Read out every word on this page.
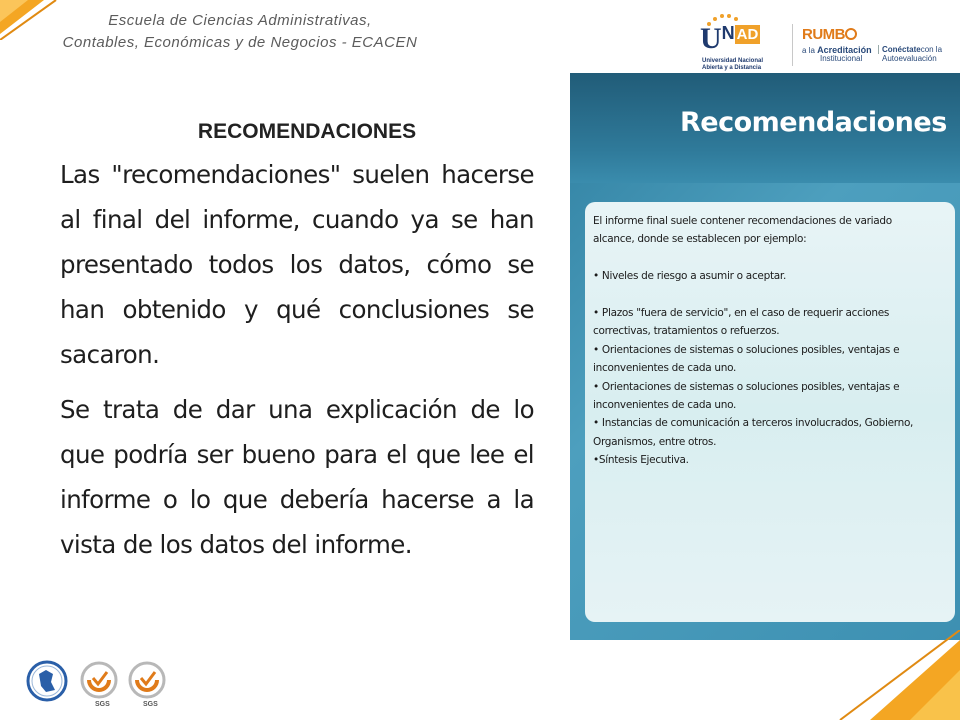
Escuela de Ciencias Administrativas,
Contables, Económicas y de Negocios - ECACEN	$U^N$ $^{AD}$
Universidad Nacional
Abierta y a Distancia
RUMB
a la Acreditación
Institucional
Conéctatecon la
Autoevaluación
RECOMENDACIONES

Las "recomendaciones" suelen hacerse al final del informe, cuando ya se han presentado todos los datos, cómo se han obtenido y qué conclusiones se sacaron.

Se trata de dar una explicación de lo que podría ser bueno para el que lee el informe o lo que debería hacerse a la vista de los datos del informe.

Recomendaciones
El informe final suele contener recomendaciones de variado
alcance, donde se establecen por ejemplo:

• Niveles de riesgo a asumir o aceptar.

• Plazos "fuera de servicio", en el caso de requerir acciones
correctivas, tratamientos o refuerzos.
• Orientaciones de sistemas o soluciones posibles, ventajas e
inconvenientes de cada uno.
• Orientaciones de sistemas o soluciones posibles, ventajas e
inconvenientes de cada uno.
• Instancias de comunicación a terceros involucrados, Gobierno,
Organismos, entre otros.
•Síntesis Ejecutiva.
SGS	SGS
